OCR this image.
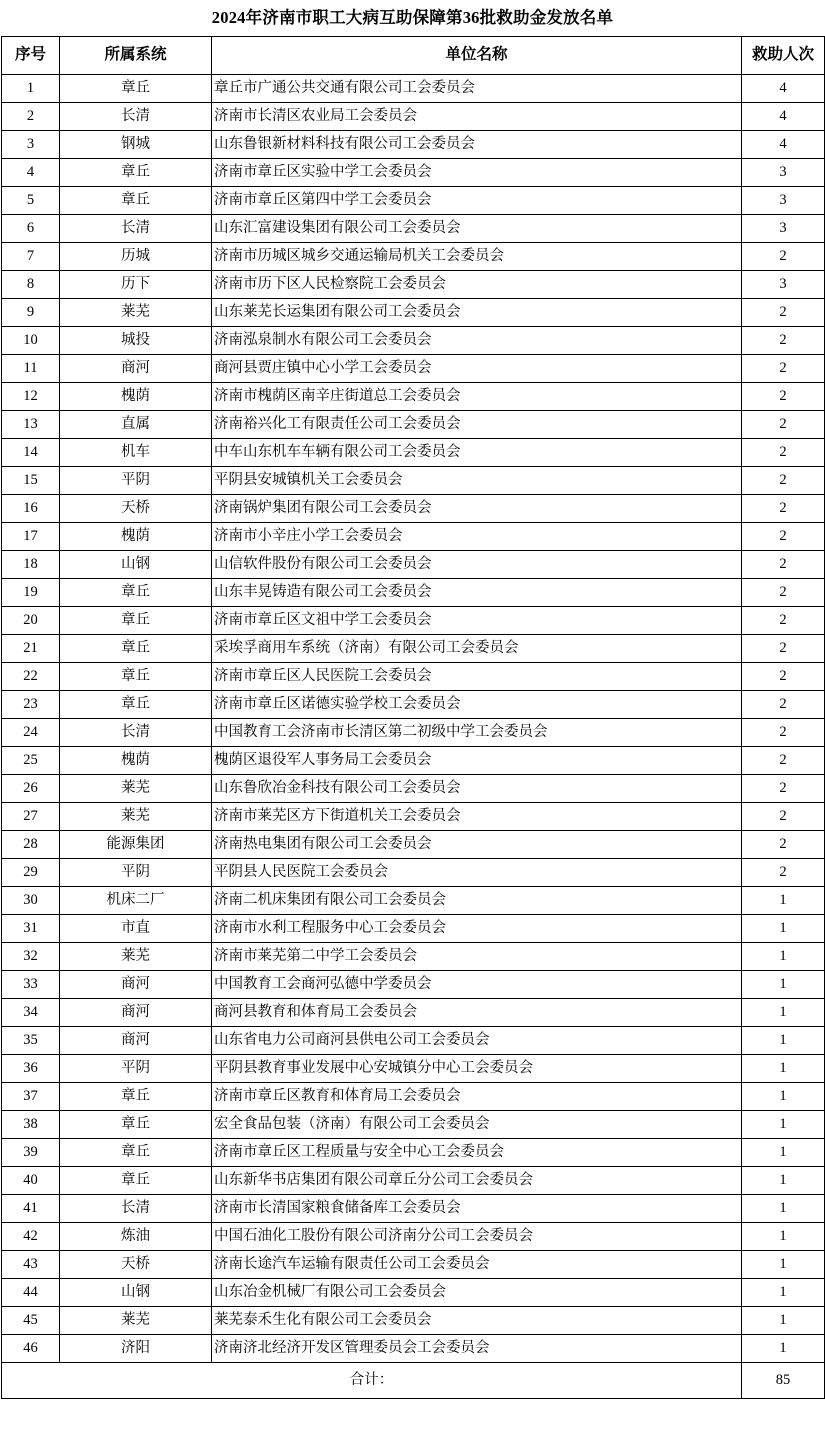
2024年济南市职工大病互助保障第36批救助金发放名单
序号	所属系统	单位名称	救助人次
1	章丘	章丘市广通公共交通有限公司工会委员会	4
2	长清	济南市长清区农业局工会委员会	4
3	钢城	山东鲁银新材料科技有限公司工会委员会	4
4	章丘	济南市章丘区实验中学工会委员会	3
5	章丘	济南市章丘区第四中学工会委员会	3
6	长清	山东汇富建设集团有限公司工会委员会	3
7	历城	济南市历城区城乡交通运输局机关工会委员会	2
8	历下	济南市历下区人民检察院工会委员会	3
9	莱芜	山东莱芜长运集团有限公司工会委员会	2
10	城投	济南泓泉制水有限公司工会委员会	2
11	商河	商河县贾庄镇中心小学工会委员会	2
12	槐荫	济南市槐荫区南辛庄街道总工会委员会	2
13	直属	济南裕兴化工有限责任公司工会委员会	2
14	机车	中车山东机车车辆有限公司工会委员会	2
15	平阴	平阴县安城镇机关工会委员会	2
16	天桥	济南锅炉集团有限公司工会委员会	2
17	槐荫	济南市小辛庄小学工会委员会	2
18	山钢	山信软件股份有限公司工会委员会	2
19	章丘	山东丰晃铸造有限公司工会委员会	2
20	章丘	济南市章丘区文祖中学工会委员会	2
21	章丘	采埃孚商用车系统（济南）有限公司工会委员会	2
22	章丘	济南市章丘区人民医院工会委员会	2
23	章丘	济南市章丘区诺德实验学校工会委员会	2
24	长清	中国教育工会济南市长清区第二初级中学工会委员会	2
25	槐荫	槐荫区退役军人事务局工会委员会	2
26	莱芜	山东鲁欣冶金科技有限公司工会委员会	2
27	莱芜	济南市莱芜区方下街道机关工会委员会	2
28	能源集团	济南热电集团有限公司工会委员会	2
29	平阴	平阴县人民医院工会委员会	2
30	机床二厂	济南二机床集团有限公司工会委员会	1
31	市直	济南市水利工程服务中心工会委员会	1
32	莱芜	济南市莱芜第二中学工会委员会	1
33	商河	中国教育工会商河弘德中学委员会	1
34	商河	商河县教育和体育局工会委员会	1
35	商河	山东省电力公司商河县供电公司工会委员会	1
36	平阴	平阴县教育事业发展中心安城镇分中心工会委员会	1
37	章丘	济南市章丘区教育和体育局工会委员会	1
38	章丘	宏全食品包装（济南）有限公司工会委员会	1
39	章丘	济南市章丘区工程质量与安全中心工会委员会	1
40	章丘	山东新华书店集团有限公司章丘分公司工会委员会	1
41	长清	济南市长清国家粮食储备库工会委员会	1
42	炼油	中国石油化工股份有限公司济南分公司工会委员会	1
43	天桥	济南长途汽车运输有限责任公司工会委员会	1
44	山钢	山东冶金机械厂有限公司工会委员会	1
45	莱芜	莱芜泰禾生化有限公司工会委员会	1
46	济阳	济南济北经济开发区管理委员会工会委员会	1
合计：			85
